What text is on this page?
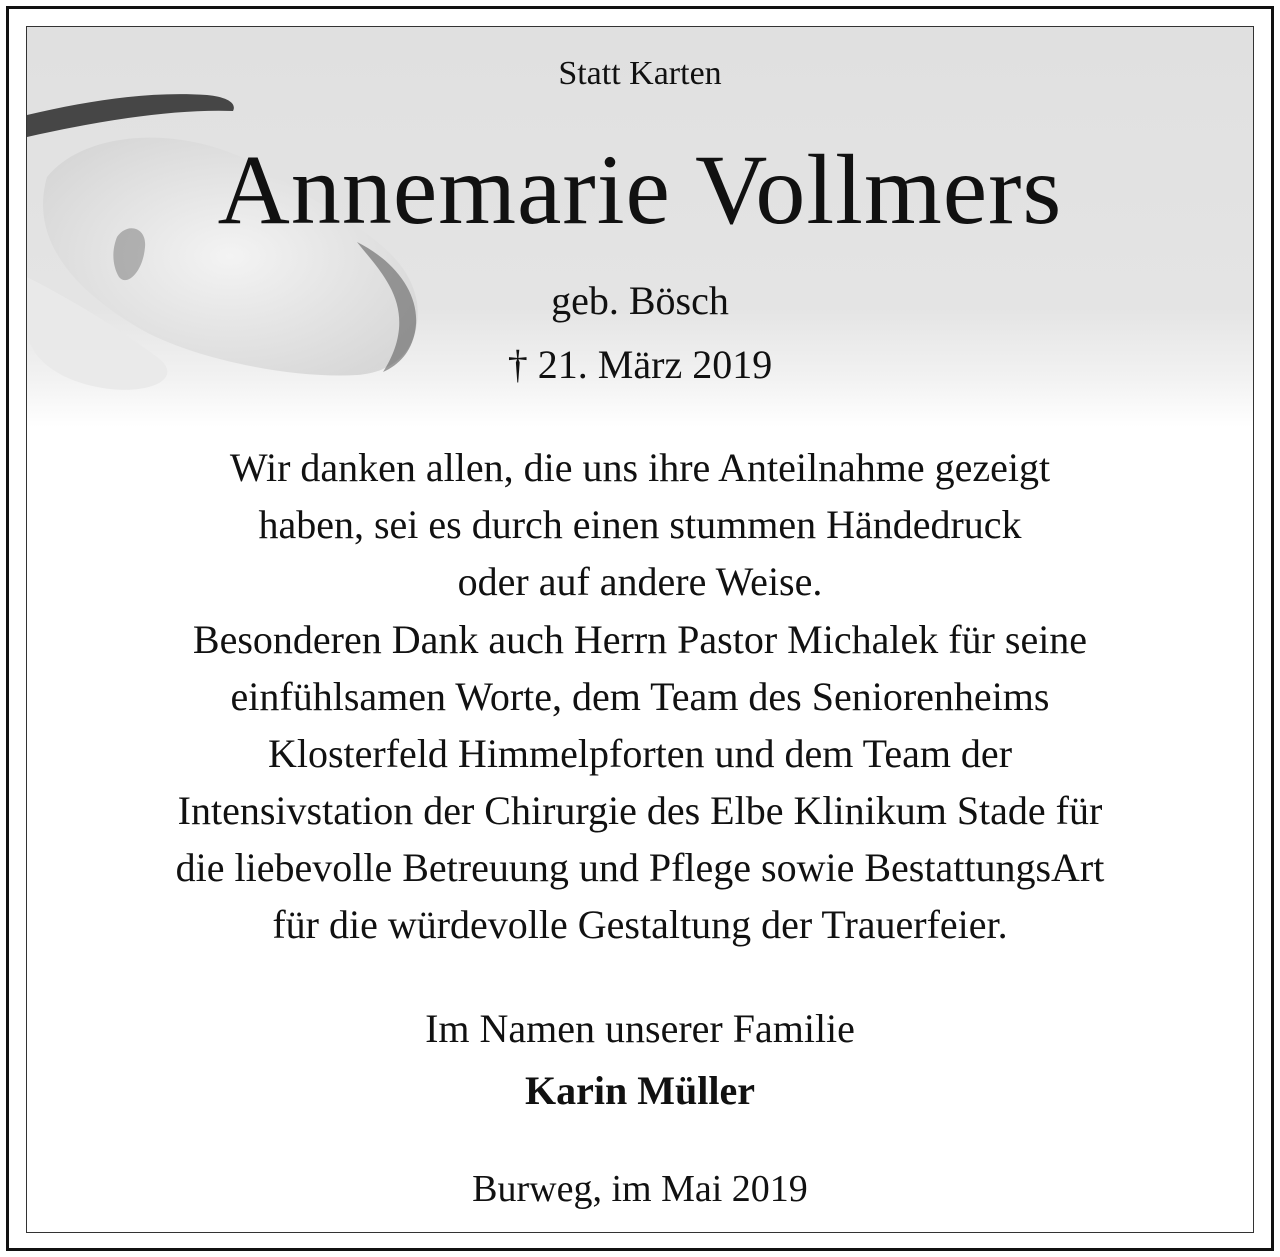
Statt Karten
Annemarie Vollmers
geb. Bösch
† 21. März 2019
Wir danken allen, die uns ihre Anteilnahme gezeigt
haben, sei es durch einen stummen Händedruck
oder auf andere Weise.
Besonderen Dank auch Herrn Pastor Michalek für seine
einfühlsamen Worte, dem Team des Seniorenheims
Klosterfeld Himmelpforten und dem Team der
Intensivstation der Chirurgie des Elbe Klinikum Stade für
die liebevolle Betreuung und Pflege sowie BestattungsArt
für die würdevolle Gestaltung der Trauerfeier.
Im Namen unserer Familie
Karin Müller
Burweg, im Mai 2019
